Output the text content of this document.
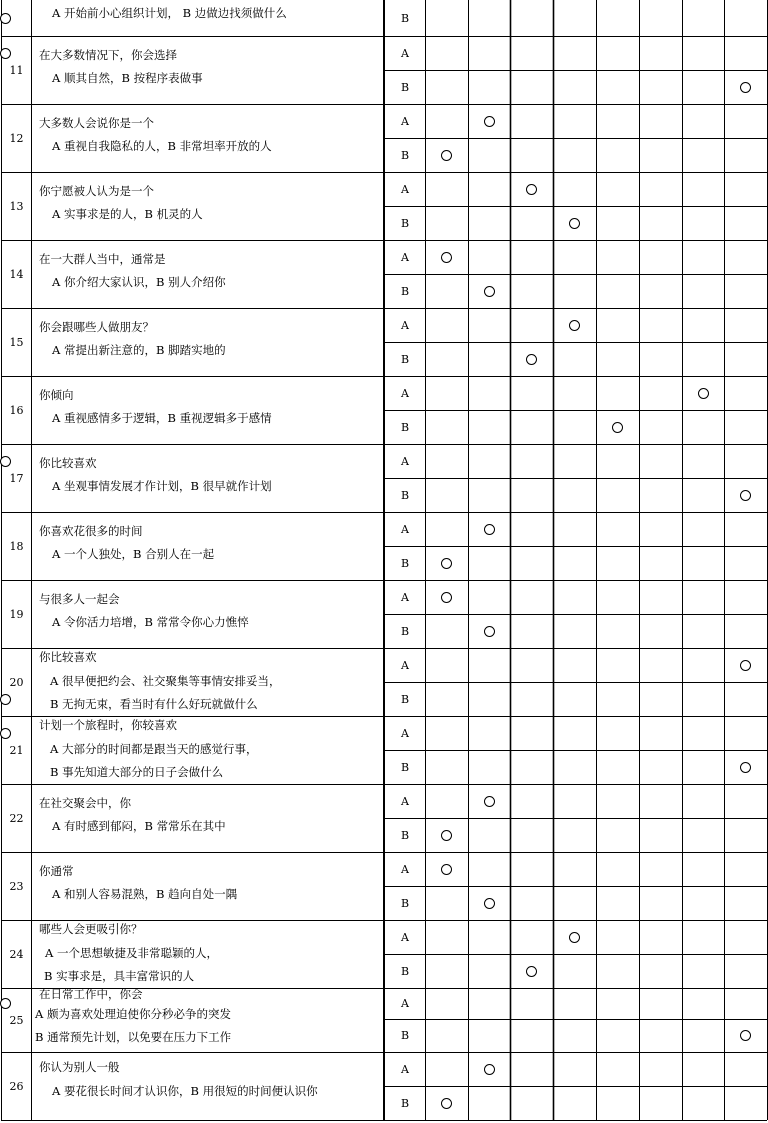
A 开始前小心组织计划， B 边做边找须做什么	B
11
在大多数情况下，你会选择
A 顺其自然，B 按程序表做事
A
B
12
大多数人会说你是一个
A 重视自我隐私的人，B 非常坦率开放的人
A
B
13
你宁愿被人认为是一个
A 实事求是的人，B 机灵的人
A
B
14
在一大群人当中，通常是
A 你介绍大家认识，B 别人介绍你
A
B
15
你会跟哪些人做朋友？
A 常提出新注意的，B 脚踏实地的
A
B
16
你倾向
A 重视感情多于逻辑，B 重视逻辑多于感情
A
B
17
你比较喜欢
A 坐观事情发展才作计划，B 很早就作计划
A
B
18
你喜欢花很多的时间
A 一个人独处，B 合别人在一起
A
B
19
与很多人一起会
A 令你活力培增，B 常常令你心力憔悴
A
B
20
你比较喜欢
A 很早便把约会、社交聚集等事情安排妥当，
B 无拘无束，看当时有什么好玩就做什么
A
B
21
计划一个旅程时，你较喜欢
A 大部分的时间都是跟当天的感觉行事，
B 事先知道大部分的日子会做什么
A
B
22
在社交聚会中，你
A 有时感到郁闷，B 常常乐在其中
A
B
23
你通常
A 和别人容易混熟，B 趋向自处一隅
A
B
24
哪些人会更吸引你？
A 一个思想敏捷及非常聪颖的人，
B 实事求是，具丰富常识的人
A
B
25
在日常工作中，你会
A 颇为喜欢处理迫使你分秒必争的突发
B 通常预先计划，以免要在压力下工作
A
B
26
你认为别人一般
A 要花很长时间才认识你，B 用很短的时间便认识你
A
B
